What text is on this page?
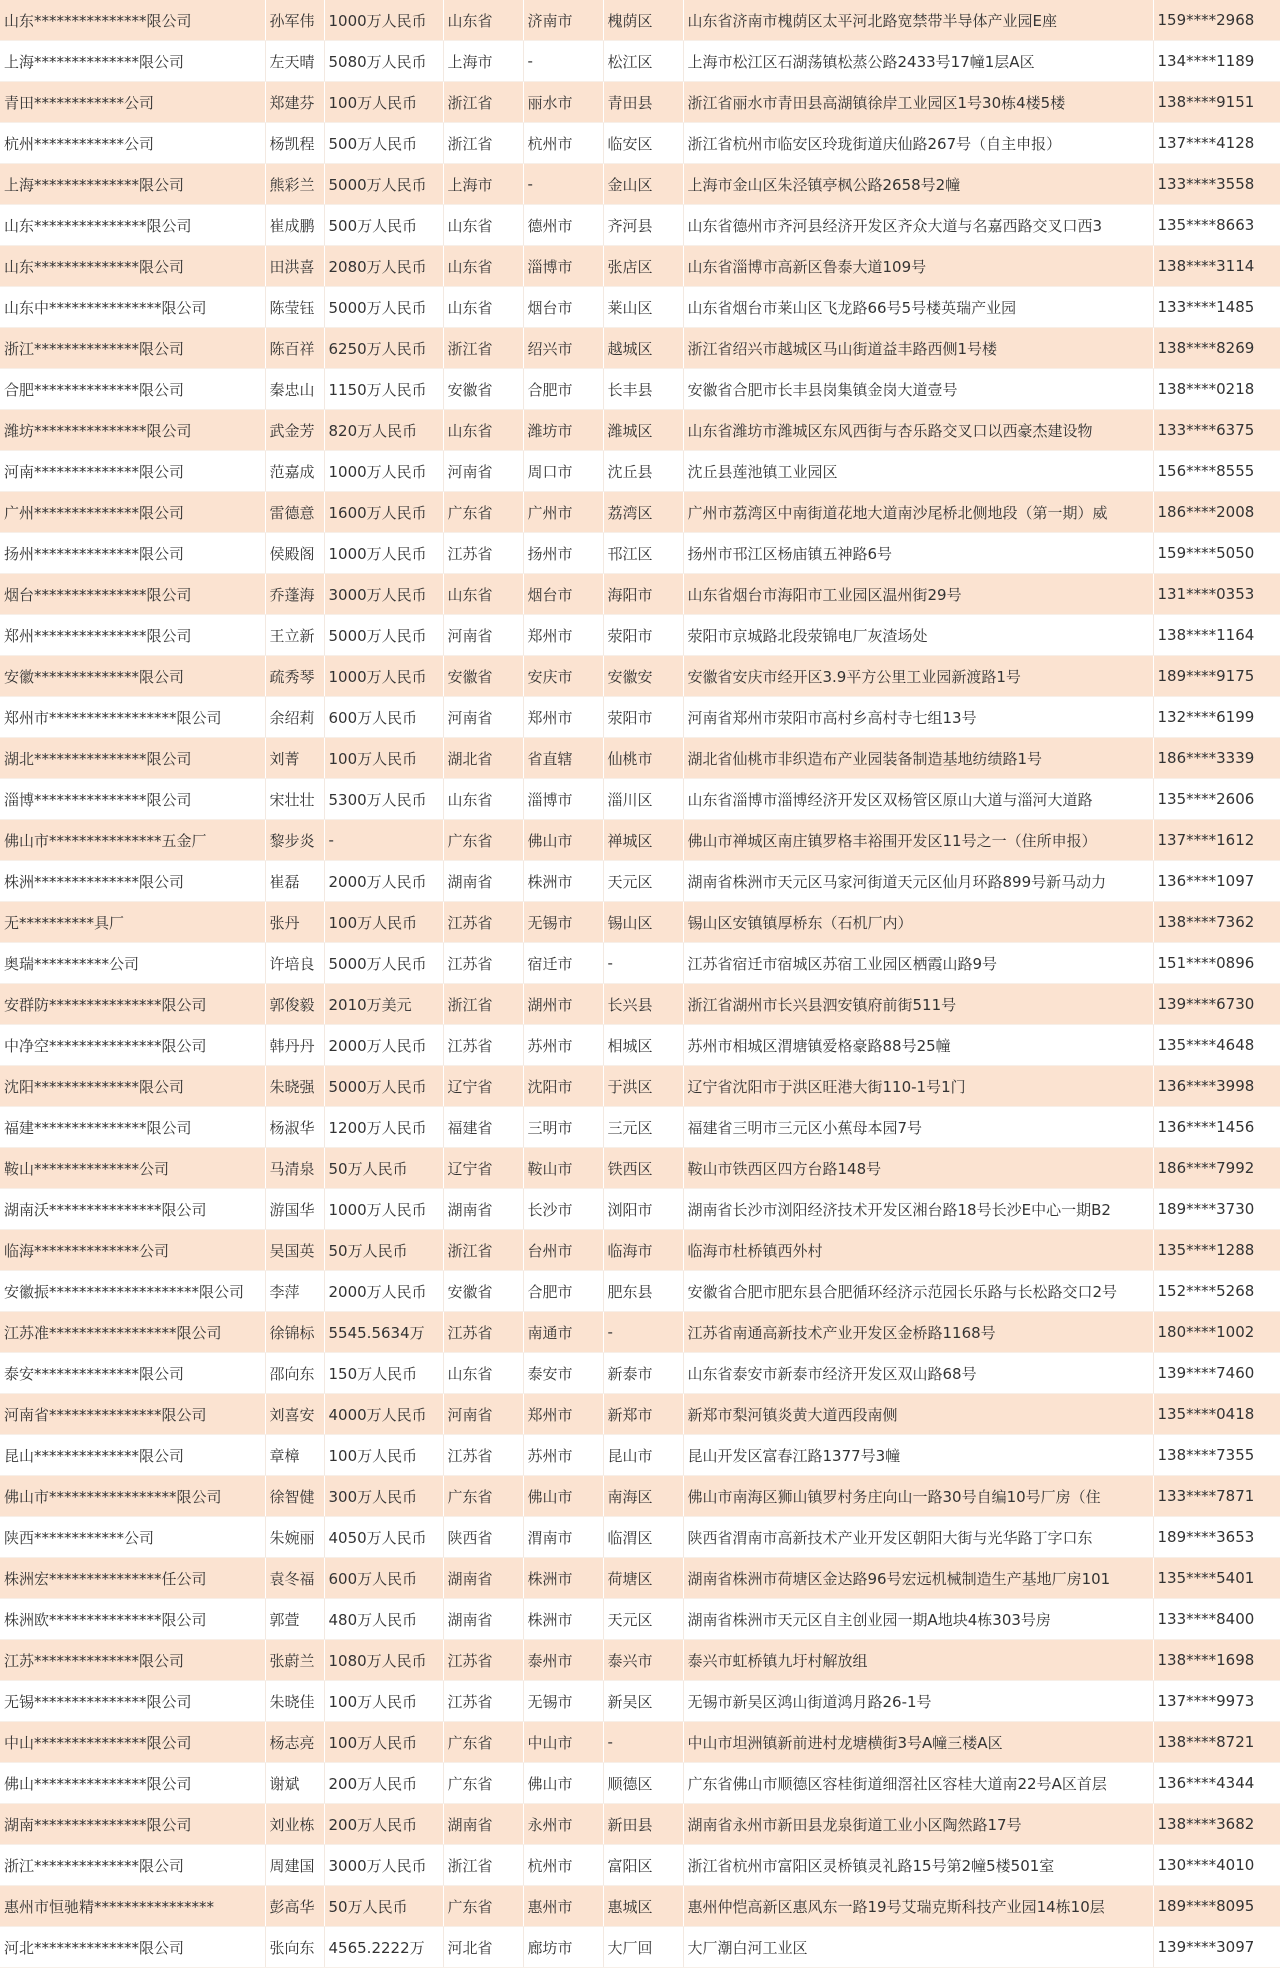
山东***************限公司	孙军伟	1000万人民币	山东省	济南市	槐荫区	山东省济南市槐荫区太平河北路宽禁带半导体产业园E座	159****2968
上海**************限公司	左天晴	5080万人民币	上海市	-	松江区	上海市松江区石湖荡镇松蒸公路2433号17幢1层A区	134****1189
青田************公司	郑建芬	100万人民币	浙江省	丽水市	青田县	浙江省丽水市青田县高湖镇徐岸工业园区1号30栋4楼5楼	138****9151
杭州************公司	杨凯程	500万人民币	浙江省	杭州市	临安区	浙江省杭州市临安区玲珑街道庆仙路267号（自主申报）	137****4128
上海**************限公司	熊彩兰	5000万人民币	上海市	-	金山区	上海市金山区朱泾镇亭枫公路2658号2幢	133****3558
山东***************限公司	崔成鹏	500万人民币	山东省	德州市	齐河县	山东省德州市齐河县经济开发区齐众大道与名嘉西路交叉口西3	135****8663
山东**************限公司	田洪喜	2080万人民币	山东省	淄博市	张店区	山东省淄博市高新区鲁泰大道109号	138****3114
山东中***************限公司	陈莹钰	5000万人民币	山东省	烟台市	莱山区	山东省烟台市莱山区飞龙路66号5号楼英瑞产业园	133****1485
浙江**************限公司	陈百祥	6250万人民币	浙江省	绍兴市	越城区	浙江省绍兴市越城区马山街道益丰路西侧1号楼	138****8269
合肥**************限公司	秦忠山	1150万人民币	安徽省	合肥市	长丰县	安徽省合肥市长丰县岗集镇金岗大道壹号	138****0218
潍坊***************限公司	武金芳	820万人民币	山东省	潍坊市	潍城区	山东省潍坊市潍城区东风西街与杏乐路交叉口以西豪杰建设物	133****6375
河南**************限公司	范嘉成	1000万人民币	河南省	周口市	沈丘县	沈丘县莲池镇工业园区	156****8555
广州**************限公司	雷德意	1600万人民币	广东省	广州市	荔湾区	广州市荔湾区中南街道花地大道南沙尾桥北侧地段（第一期）威	186****2008
扬州**************限公司	侯殿阁	1000万人民币	江苏省	扬州市	邗江区	扬州市邗江区杨庙镇五神路6号	159****5050
烟台***************限公司	乔蓬海	3000万人民币	山东省	烟台市	海阳市	山东省烟台市海阳市工业园区温州街29号	131****0353
郑州***************限公司	王立新	5000万人民币	河南省	郑州市	荥阳市	荥阳市京城路北段荥锦电厂灰渣场处	138****1164
安徽**************限公司	疏秀琴	1000万人民币	安徽省	安庆市	安徽安	安徽省安庆市经开区3.9平方公里工业园新渡路1号	189****9175
郑州市*****************限公司	余绍莉	600万人民币	河南省	郑州市	荥阳市	河南省郑州市荥阳市高村乡高村寺七组13号	132****6199
湖北***************限公司	刘菁	100万人民币	湖北省	省直辖	仙桃市	湖北省仙桃市非织造布产业园装备制造基地纺绩路1号	186****3339
淄博***************限公司	宋壮壮	5300万人民币	山东省	淄博市	淄川区	山东省淄博市淄博经济开发区双杨管区原山大道与淄河大道路	135****2606
佛山市***************五金厂	黎步炎	-	广东省	佛山市	禅城区	佛山市禅城区南庄镇罗格丰裕围开发区11号之一（住所申报）	137****1612
株洲**************限公司	崔磊	2000万人民币	湖南省	株洲市	天元区	湖南省株洲市天元区马家河街道天元区仙月环路899号新马动力	136****1097
无**********具厂	张丹	100万人民币	江苏省	无锡市	锡山区	锡山区安镇镇厚桥东（石机厂内）	138****7362
奥瑞**********公司	许培良	5000万人民币	江苏省	宿迁市	-	江苏省宿迁市宿城区苏宿工业园区栖霞山路9号	151****0896
安群防***************限公司	郭俊毅	2010万美元	浙江省	湖州市	长兴县	浙江省湖州市长兴县泗安镇府前街511号	139****6730
中净空***************限公司	韩丹丹	2000万人民币	江苏省	苏州市	相城区	苏州市相城区渭塘镇爱格豪路88号25幢	135****4648
沈阳**************限公司	朱晓强	5000万人民币	辽宁省	沈阳市	于洪区	辽宁省沈阳市于洪区旺港大街110-1号1门	136****3998
福建***************限公司	杨淑华	1200万人民币	福建省	三明市	三元区	福建省三明市三元区小蕉母本园7号	136****1456
鞍山**************公司	马清泉	50万人民币	辽宁省	鞍山市	铁西区	鞍山市铁西区四方台路148号	186****7992
湖南沃***************限公司	游国华	1000万人民币	湖南省	长沙市	浏阳市	湖南省长沙市浏阳经济技术开发区湘台路18号长沙E中心一期B2	189****3730
临海**************公司	吴国英	50万人民币	浙江省	台州市	临海市	临海市杜桥镇西外村	135****1288
安徽振********************限公司	李萍	2000万人民币	安徽省	合肥市	肥东县	安徽省合肥市肥东县合肥循环经济示范园长乐路与长松路交口2号	152****5268
江苏准*****************限公司	徐锦标	5545.5634万	江苏省	南通市	-	江苏省南通高新技术产业开发区金桥路1168号	180****1002
泰安**************限公司	邵向东	150万人民币	山东省	泰安市	新泰市	山东省泰安市新泰市经济开发区双山路68号	139****7460
河南省***************限公司	刘喜安	4000万人民币	河南省	郑州市	新郑市	新郑市梨河镇炎黄大道西段南侧	135****0418
昆山**************限公司	章樟	100万人民币	江苏省	苏州市	昆山市	昆山开发区富春江路1377号3幢	138****7355
佛山市*****************限公司	徐智健	300万人民币	广东省	佛山市	南海区	佛山市南海区狮山镇罗村务庄向山一路30号自编10号厂房（住	133****7871
陕西************公司	朱婉丽	4050万人民币	陕西省	渭南市	临渭区	陕西省渭南市高新技术产业开发区朝阳大街与光华路丁字口东	189****3653
株洲宏***************任公司	袁冬福	600万人民币	湖南省	株洲市	荷塘区	湖南省株洲市荷塘区金达路96号宏远机械制造生产基地厂房101	135****5401
株洲欧***************限公司	郭萱	480万人民币	湖南省	株洲市	天元区	湖南省株洲市天元区自主创业园一期A地块4栋303号房	133****8400
江苏**************限公司	张蔚兰	1080万人民币	江苏省	泰州市	泰兴市	泰兴市虹桥镇九圩村解放组	138****1698
无锡***************限公司	朱晓佳	100万人民币	江苏省	无锡市	新吴区	无锡市新吴区鸿山街道鸿月路26-1号	137****9973
中山***************限公司	杨志亮	100万人民币	广东省	中山市	-	中山市坦洲镇新前进村龙塘横街3号A幢三楼A区	138****8721
佛山***************限公司	谢斌	200万人民币	广东省	佛山市	顺德区	广东省佛山市顺德区容桂街道细滘社区容桂大道南22号A区首层	136****4344
湖南***************限公司	刘业栋	200万人民币	湖南省	永州市	新田县	湖南省永州市新田县龙泉街道工业小区陶然路17号	138****3682
浙江**************限公司	周建国	3000万人民币	浙江省	杭州市	富阳区	浙江省杭州市富阳区灵桥镇灵礼路15号第2幢5楼501室	130****4010
惠州市恒驰精****************	彭高华	50万人民币	广东省	惠州市	惠城区	惠州仲恺高新区惠风东一路19号艾瑞克斯科技产业园14栋10层	189****8095
河北**************限公司	张向东	4565.2222万	河北省	廊坊市	大厂回	大厂潮白河工业区	139****3097
